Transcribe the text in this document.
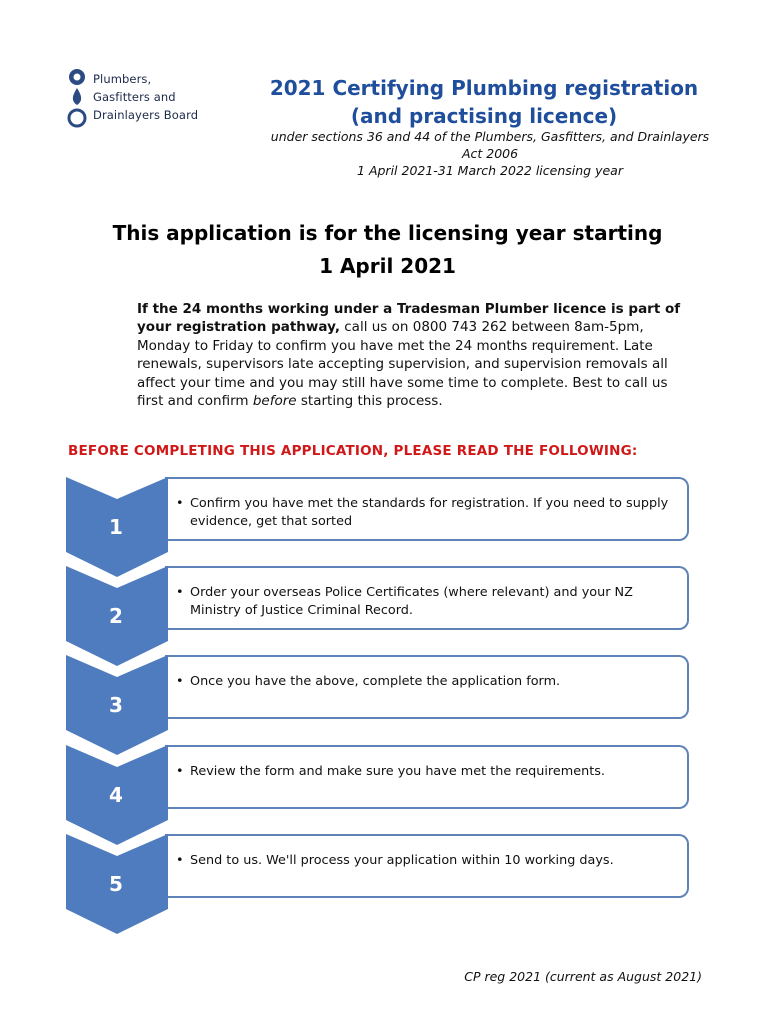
Plumbers,
Gasfitters and
Drainlayers Board
2021 Certifying Plumbing registration
(and practising licence)
under sections 36 and 44 of the Plumbers, Gasfitters, and Drainlayers
Act 2006
1 April 2021-31 March 2022 licensing year
This application is for the licensing year starting
1 April 2021
If the 24 months working under a Tradesman Plumber licence is part of your registration pathway, call us on 0800 743 262 between 8am-5pm, Monday to Friday to confirm you have met the 24 months requirement. Late renewals, supervisors late accepting supervision, and supervision removals all affect your time and you may still have some time to complete. Best to call us first and confirm before starting this process.
BEFORE COMPLETING THIS APPLICATION, PLEASE READ THE FOLLOWING:
1
• Confirm you have met the standards for registration. If you need to supply evidence, get that sorted
2
• Order your overseas Police Certificates (where relevant) and your NZ Ministry of Justice Criminal Record.
3
• Once you have the above, complete the application form.
4
• Review the form and make sure you have met the requirements.
5
• Send to us. We'll process your application within 10 working days.
CP reg 2021 (current as August 2021)
